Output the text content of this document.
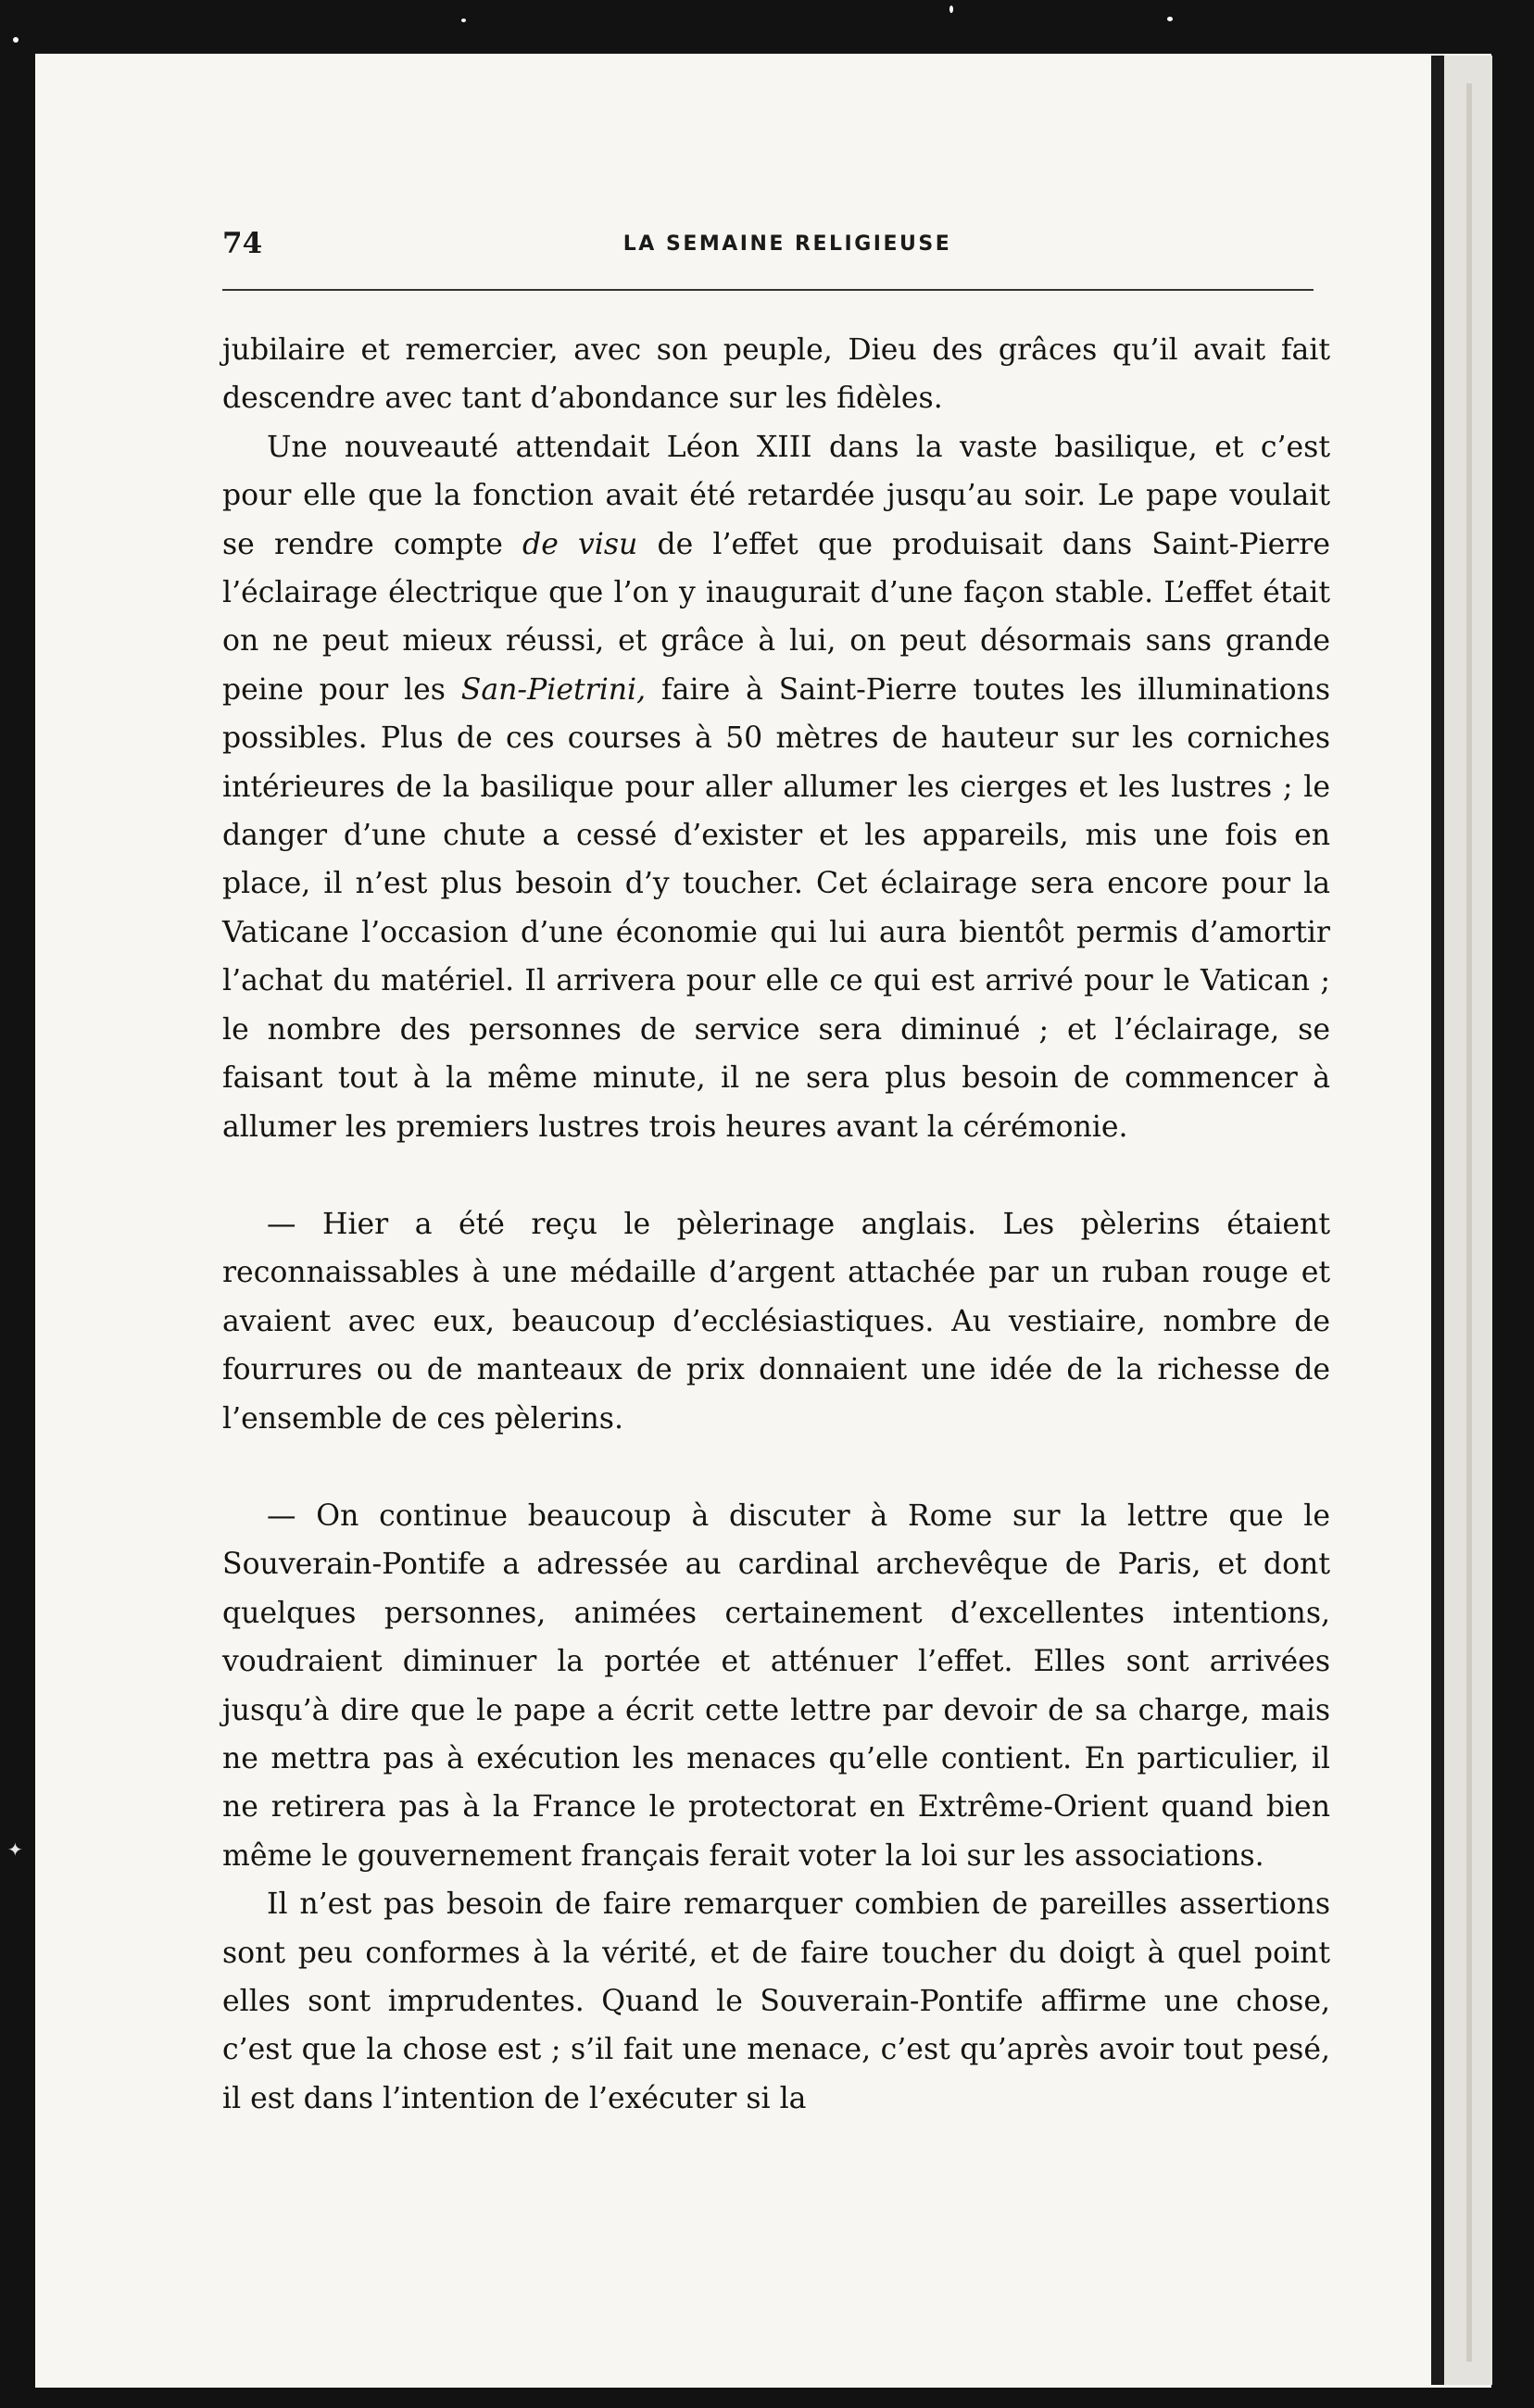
✦
74	LA SEMAINE RELIGIEUSE

jubilaire et remercier, avec son peuple, Dieu des grâces qu’il avait fait descendre avec tant d’abondance sur les fidèles.

Une nouveauté attendait Léon XIII dans la vaste basilique, et c’est pour elle que la fonction avait été retardée jusqu’au soir. Le pape voulait se rendre compte de visu de l’effet que produisait dans Saint-Pierre l’éclairage électrique que l’on y inaugurait d’une façon stable. L’effet était on ne peut mieux réussi, et grâce à lui, on peut désormais sans grande peine pour les San-Pietrini, faire à Saint-Pierre toutes les illuminations possibles. Plus de ces courses à 50 mètres de hauteur sur les corniches intérieures de la basilique pour aller allumer les cierges et les lustres ; le danger d’une chute a cessé d’exister et les appareils, mis une fois en place, il n’est plus besoin d’y toucher. Cet éclairage sera encore pour la Vaticane l’occasion d’une économie qui lui aura bientôt permis d’amortir l’achat du matériel. Il arrivera pour elle ce qui est arrivé pour le Vatican ; le nombre des personnes de service sera diminué ; et l’éclairage, se faisant tout à la même minute, il ne sera plus besoin de commencer à allumer les premiers lustres trois heures avant la cérémonie.

— Hier a été reçu le pèlerinage anglais. Les pèlerins étaient reconnaissables à une médaille d’argent attachée par un ruban rouge et avaient avec eux, beaucoup d’ecclésiastiques. Au vestiaire, nombre de fourrures ou de manteaux de prix donnaient une idée de la richesse de l’ensemble de ces pèlerins.

— On continue beaucoup à discuter à Rome sur la lettre que le Souverain-Pontife a adressée au cardinal archevêque de Paris, et dont quelques personnes, animées certainement d’excellentes intentions, voudraient diminuer la portée et atténuer l’effet. Elles sont arrivées jusqu’à dire que le pape a écrit cette lettre par devoir de sa charge, mais ne mettra pas à exécution les menaces qu’elle contient. En particulier, il ne retirera pas à la France le protectorat en Extrême-Orient quand bien même le gouvernement français ferait voter la loi sur les associations.

Il n’est pas besoin de faire remarquer combien de pareilles assertions sont peu conformes à la vérité, et de faire toucher du doigt à quel point elles sont imprudentes. Quand le Souverain-Pontife affirme une chose, c’est que la chose est ; s’il fait une menace, c’est qu’après avoir tout pesé, il est dans l’intention de l’exécuter si la
